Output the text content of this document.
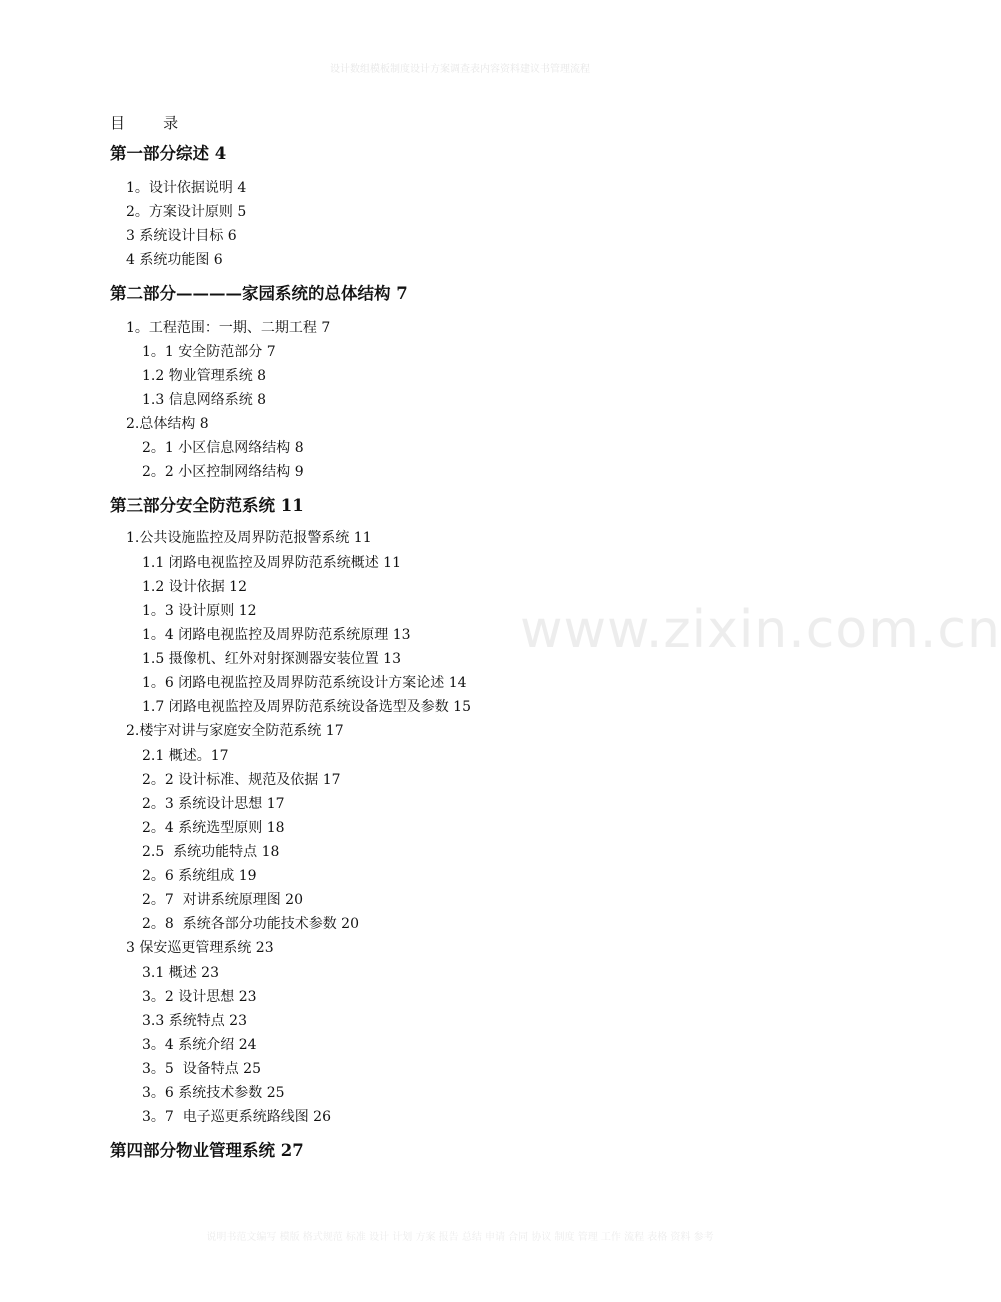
设计数组模板制度设计方案调查表内容资料建议书管理流程
www.zixin.com.cn
目        录
第一部分综述 4
1。设计依据说明 4
2。方案设计原则 5
3 系统设计目标 6
4 系统功能图 6
第二部分————家园系统的总体结构 7
1。工程范围：一期、二期工程 7
1。1 安全防范部分 7
1.2 物业管理系统 8
1.3 信息网络系统 8
2.总体结构 8
2。1 小区信息网络结构 8
2。2 小区控制网络结构 9
第三部分安全防范系统 11
1.公共设施监控及周界防范报警系统 11
1.1 闭路电视监控及周界防范系统概述 11
1.2 设计依据 12
1。3 设计原则 12
1。4 闭路电视监控及周界防范系统原理 13
1.5 摄像机、红外对射探测器安装位置 13
1。6 闭路电视监控及周界防范系统设计方案论述 14
1.7 闭路电视监控及周界防范系统设备选型及参数 15
2.楼宇对讲与家庭安全防范系统 17
2.1 概述。17
2。2 设计标准、规范及依据 17
2。3 系统设计思想 17
2。4 系统选型原则 18
2.5  系统功能特点 18
2。6 系统组成 19
2。7  对讲系统原理图 20
2。8  系统各部分功能技术参数 20
3 保安巡更管理系统 23
3.1 概述 23
3。2 设计思想 23
3.3 系统特点 23
3。4 系统介绍 24
3。5  设备特点 25
3。6 系统技术参数 25
3。7  电子巡更系统路线图 26
第四部分物业管理系统 27
说明书范文编写 模版 格式规范 标准 设计 计划 方案 报告 总结 申请 合同 协议 制度 管理 工作 流程 表格 资料 参考
